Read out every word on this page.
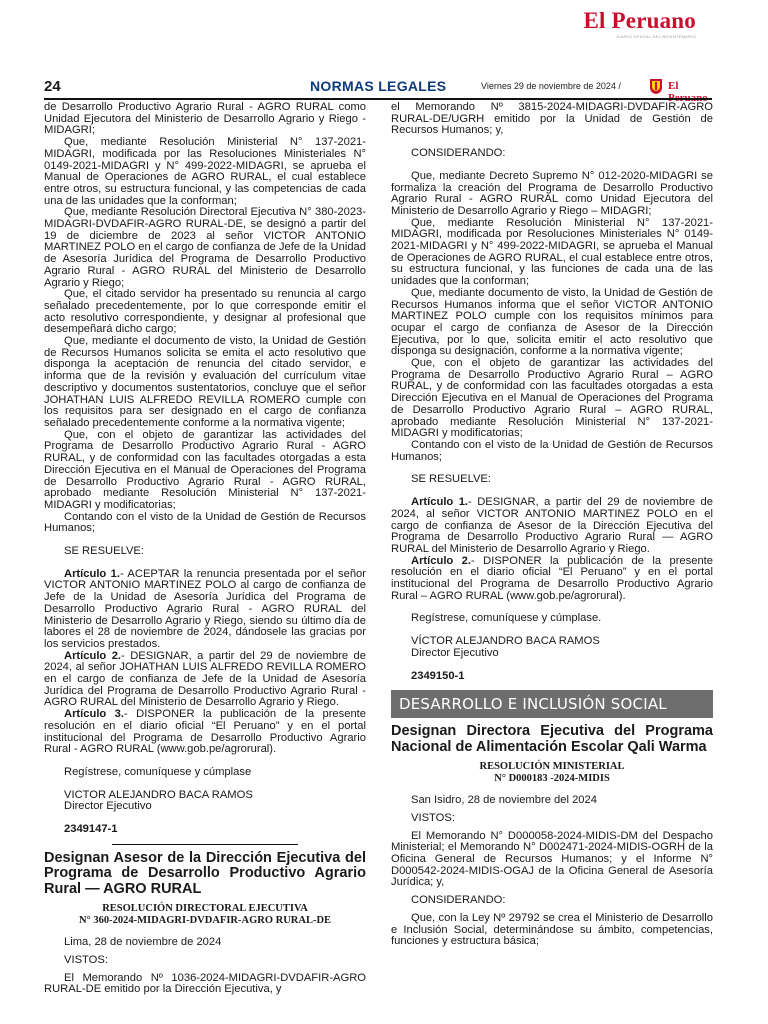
El Peruano
DIARIO OFICIAL DEL BICENTENARIO
24	NORMAS LEGALES	Viernes 29 de noviembre de 2024 /	El

de Desarrollo Productivo Agrario Rural - AGRO RURAL como Unidad Ejecutora del Ministerio de Desarrollo Agrario y Riego - MIDAGRI;

Que, mediante Resolución Ministerial N° 137-2021-MIDAGRI, modificada por las Resoluciones Ministeriales N° 0149-2021-MIDAGRI y N° 499-2022-MIDAGRI, se aprueba el Manual de Operaciones de AGRO RURAL, el cual establece entre otros, su estructura funcional, y las competencias de cada una de las unidades que la conforman;

Que, mediante Resolución Directoral Ejecutiva N° 380-2023-MIDAGRI-DVDAFIR-AGRO RURAL-DE, se designó a partir del 19 de diciembre de 2023 al señor VICTOR ANTONIO MARTINEZ POLO en el cargo de confianza de Jefe de la Unidad de Asesoría Jurídica del Programa de Desarrollo Productivo Agrario Rural - AGRO RURAL del Ministerio de Desarrollo Agrario y Riego;

Que, el citado servidor ha presentado su renuncia al cargo señalado precedentemente, por lo que corresponde emitir el acto resolutivo correspondiente, y designar al profesional que desempeñará dicho cargo;

Que, mediante el documento de visto, la Unidad de Gestión de Recursos Humanos solicita se emita el acto resolutivo que disponga la aceptación de renuncia del citado servidor, e informa que de la revisión y evaluación del currículum vitae descriptivo y documentos sustentatorios, concluye que el señor JOHATHAN LUIS ALFREDO REVILLA ROMERO cumple con los requisitos para ser designado en el cargo de confianza señalado precedentemente conforme a la normativa vigente;

Que, con el objeto de garantizar las actividades del Programa de Desarrollo Productivo Agrario Rural - AGRO RURAL, y de conformidad con las facultades otorgadas a esta Dirección Ejecutiva en el Manual de Operaciones del Programa de Desarrollo Productivo Agrario Rural - AGRO RURAL, aprobado mediante Resolución Ministerial N° 137-2021-MIDAGRI y modificatorias;

Contando con el visto de la Unidad de Gestión de Recursos Humanos;

SE RESUELVE:

Artículo 1.- ACEPTAR la renuncia presentada por el señor VICTOR ANTONIO MARTINEZ POLO al cargo de confianza de Jefe de la Unidad de Asesoría Jurídica del Programa de Desarrollo Productivo Agrario Rural - AGRO RURAL del Ministerio de Desarrollo Agrario y Riego, siendo su último día de labores el 28 de noviembre de 2024, dándosele las gracias por los servicios prestados.

Artículo 2.- DESIGNAR, a partir del 29 de noviembre de 2024, al señor JOHATHAN LUIS ALFREDO REVILLA ROMERO en el cargo de confianza de Jefe de la Unidad de Asesoría Jurídica del Programa de Desarrollo Productivo Agrario Rural - AGRO RURAL del Ministerio de Desarrollo Agrario y Riego.

Artículo 3.- DISPONER la publicación de la presente resolución en el diario oficial “El Peruano” y en el portal institucional del Programa de Desarrollo Productivo Agrario Rural - AGRO RURAL (www.gob.pe/agrorural).

Regístrese, comuníquese y cúmplase

VICTOR ALEJANDRO BACA RAMOS

Director Ejecutivo

2349147-1

Designan Asesor de la Dirección Ejecutiva del Programa de Desarrollo Productivo Agrario Rural — AGRO RURAL

RESOLUCIÓN DIRECTORAL EJECUTIVA

N° 360-2024-MIDAGRI-DVDAFIR-AGRO RURAL-DE

Lima, 28 de noviembre de 2024

VISTOS:

El Memorando Nº 1036-2024-MIDAGRI-DVDAFIR-AGRO RURAL-DE emitido por la Dirección Ejecutiva, y

el Memorando Nº 3815-2024-MIDAGRI-DVDAFIR-AGRO RURAL-DE/UGRH emitido por la Unidad de Gestión de Recursos Humanos; y,

CONSIDERANDO:

Que, mediante Decreto Supremo N° 012-2020-MIDAGRI se formaliza la creación del Programa de Desarrollo Productivo Agrario Rural - AGRO RURAL como Unidad Ejecutora del Ministerio de Desarrollo Agrario y Riego – MIDAGRI;

Que, mediante Resolución Ministerial N° 137-2021-MIDAGRI, modificada por Resoluciones Ministeriales N° 0149-2021-MIDAGRI y N° 499-2022-MIDAGRI, se aprueba el Manual de Operaciones de AGRO RURAL, el cual establece entre otros, su estructura funcional, y las funciones de cada una de las unidades que la conforman;

Que, mediante documento de visto, la Unidad de Gestión de Recursos Humanos informa que el señor VICTOR ANTONIO MARTINEZ POLO cumple con los requisitos mínimos para ocupar el cargo de confianza de Asesor de la Dirección Ejecutiva, por lo que, solicita emitir el acto resolutivo que disponga su designación, conforme a la normativa vigente;

Que, con el objeto de garantizar las actividades del Programa de Desarrollo Productivo Agrario Rural – AGRO RURAL, y de conformidad con las facultades otorgadas a esta Dirección Ejecutiva en el Manual de Operaciones del Programa de Desarrollo Productivo Agrario Rural – AGRO RURAL, aprobado mediante Resolución Ministerial N° 137-2021-MIDAGRI y modificatorias;

Contando con el visto de la Unidad de Gestión de Recursos Humanos;

SE RESUELVE:

Artículo 1.- DESIGNAR, a partir del 29 de noviembre de 2024, al señor VICTOR ANTONIO MARTINEZ POLO en el cargo de confianza de Asesor de la Dirección Ejecutiva del Programa de Desarrollo Productivo Agrario Rural — AGRO RURAL del Ministerio de Desarrollo Agrario y Riego.

Artículo 2.- DISPONER la publicación de la presente resolución en el diario oficial “El Peruano” y en el portal institucional del Programa de Desarrollo Productivo Agrario Rural – AGRO RURAL (www.gob.pe/agrorural).

Regístrese, comuníquese y cúmplase.

VÍCTOR ALEJANDRO BACA RAMOS

Director Ejecutivo

2349150-1

DESARROLLO E INCLUSIÓN SOCIAL

Designan Directora Ejecutiva del Programa Nacional de Alimentación Escolar Qali Warma

RESOLUCIÓN MINISTERIAL

N° D000183 -2024-MIDIS

San Isidro, 28 de noviembre del 2024

VISTOS:

El Memorando N° D000058-2024-MIDIS-DM del Despacho Ministerial; el Memorando N° D002471-2024-MIDIS-OGRH de la Oficina General de Recursos Humanos; y el Informe N° D000542-2024-MIDIS-OGAJ de la Oficina General de Asesoría Jurídica; y,

CONSIDERANDO:

Que, con la Ley Nº 29792 se crea el Ministerio de Desarrollo e Inclusión Social, determinándose su ámbito, competencias, funciones y estructura básica;
